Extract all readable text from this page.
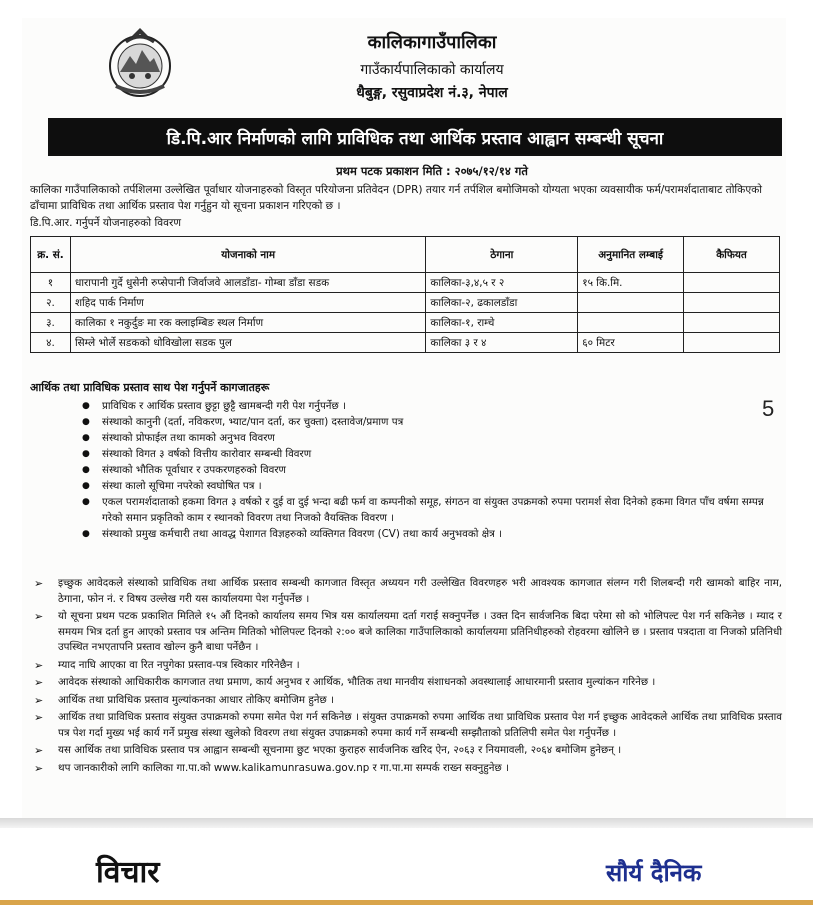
कालिकागाउँपालिका
गाउँकार्यपालिकाको कार्यालय
धैबुङ्ग, रसुवाप्रदेश नं.३, नेपाल
डि.पि.आर निर्माणको लागि प्राविधिक तथा आर्थिक प्रस्ताव आह्वान सम्बन्धी सूचना
प्रथम पटक प्रकाशन मिति : २०७५/१२/१४ गते
कालिका गाउँपालिकाको तर्पशिलमा उल्लेखित पूर्वाधार योजनाहरुको विस्तृत परियोजना प्रतिवेदन (DPR) तयार गर्न तर्पशिल बमोजिमको योग्यता भएका व्यवसायीक फर्म/परामर्शदाताबाट तोकिएको ढाँचामा प्राविधिक तथा आर्थिक प्रस्ताव पेश गर्नुहुन यो सूचना प्रकाशन गरिएको छ ।
डि.पि.आर. गर्नुपर्ने योजनाहरुको विवरण
क्र. सं.	योजनाको नाम	ठेगाना	अनुमानित लम्बाई	कैफियत
१	धारापानी गुर्दे धुसेनी रुप्सेपानी जिर्वाजवे आलडाँडा- गोम्बा डाँडा सडक	कालिका-३,४,५ र २	१५ कि.मि.	
२.	शहिद पार्क निर्माण	कालिका-२, ढकालडाँडा		
३.	कालिका १ नकुर्दुङ मा रक क्लाइम्बिङ स्थल निर्माण	कालिका-१, राम्चे		
४.	सिम्ले भोर्ले सडकको धोविखोला सडक पुल	कालिका ३ र ४	६० मिटर	
आर्थिक तथा प्राविधिक प्रस्ताव साथ पेश गर्नुपर्ने कागजातहरू
● प्राविधिक र आर्थिक प्रस्ताव छुट्टा छुट्टै खामबन्दी गरी पेश गर्नुपर्नेछ ।
● संस्थाको कानुनी (दर्ता, नविकरण, भ्याट/पान दर्ता, कर चुक्ता) दस्तावेज/प्रमाण पत्र
● संस्थाको प्रोफाईल तथा कामको अनुभव विवरण
● संस्थाको विगत ३ वर्षको वित्तीय कारोवार सम्बन्धी विवरण
● संस्थाको भौतिक पूर्वाधार र उपकरणहरुको विवरण
● संस्था कालो सूचिमा नपरेको स्वघोषित पत्र ।
● एकल परामर्शदाताको हकमा विगत ३ वर्षको र दुई वा दुई भन्दा बढी फर्म वा कम्पनीको समूह, संगठन वा संयुक्त उपक्रमको रुपमा परामर्श सेवा दिनेको हकमा विगत पाँच वर्षमा सम्पन्न गरेको समान प्रकृतिको काम र स्थानको विवरण तथा निजको वैयक्तिक विवरण ।
● संस्थाको प्रमुख कर्मचारी तथा आवद्ध पेशागत विज्ञहरुको व्यक्तिगत विवरण (CV) तथा कार्य अनुभवको क्षेत्र ।
➢ इच्छुक आवेदकले संस्थाको प्राविधिक तथा आर्थिक प्रस्ताव सम्बन्धी कागजात विस्तृत अध्ययन गरी उल्लेखित विवरणहरु भरी आवश्यक कागजात संलग्न गरी शिलबन्दी गरी खामको बाहिर नाम, ठेगाना, फोन नं. र विषय उल्लेख गरी यस कार्यालयमा पेश गर्नुपर्नेछ ।
➢ यो सूचना प्रथम पटक प्रकाशित मितिले १५ औं दिनको कार्यालय समय भित्र यस कार्यालयमा दर्ता गराई सक्नुपर्नेछ । उक्त दिन सार्वजनिक बिदा परेमा सो को भोलिपल्ट पेश गर्न सकिनेछ । म्याद र समयम भित्र दर्ता हुन आएको प्रस्ताव पत्र अन्तिम मितिको भोलिपल्ट दिनको २:०० बजे कालिका गाउँपालिकाको कार्यालयमा प्रतिनिधीहरुको रोहवरमा खोलिने छ । प्रस्ताव पत्रदाता वा निजको प्रतिनिधी उपस्थित नभएतापनि प्रस्ताव खोल्न कुनै बाधा पर्नेछैन ।
➢ म्याद नाघि आएका वा रित नपुगेका प्रस्ताव-पत्र स्विकार गरिनेछैन ।
➢ आवेदक संस्थाको आधिकारीक कागजात तथा प्रमाण, कार्य अनुभव र आर्थिक, भौतिक तथा मानवीय संशाधनको अवस्थालाई आधारमानी प्रस्ताव मुल्यांकन गरिनेछ ।
➢ आर्थिक तथा प्राविधिक प्रस्ताव मुल्यांकनका आधार तोकिए बमोजिम हुनेछ ।
➢ आर्थिक तथा प्राविधिक प्रस्ताव संयुक्त उपाक्रमको रुपमा समेत पेश गर्न सकिनेछ । संयुक्त उपाक्रमको रुपमा आर्थिक तथा प्राविधिक प्रस्ताव पेश गर्न इच्छुक आवेदकले आर्थिक तथा प्राविधिक प्रस्ताव पत्र पेश गर्दा मुख्य भई कार्य गर्ने प्रमुख संस्था खुलेको विवरण तथा संयुक्त उपाक्रमको रुपमा कार्य गर्ने सम्बन्धी सम्झौताको प्रतिलिपी समेत पेश गर्नुपर्नेछ ।
➢ यस आर्थिक तथा प्राविधिक प्रस्ताव पत्र आह्वान सम्बन्धी सूचनामा छुट भएका कुराहरु सार्वजनिक खरिद ऐन, २०६३ र नियमावली, २०६४ बमोजिम हुनेछन् ।
➢ थप जानकारीको लागि कालिका गा.पा.को www.kalikamunrasuwa.gov.np र गा.पा.मा सम्पर्क राख्न सक्नुहुनेछ ।
5
विचार	सौर्य दैनिक
